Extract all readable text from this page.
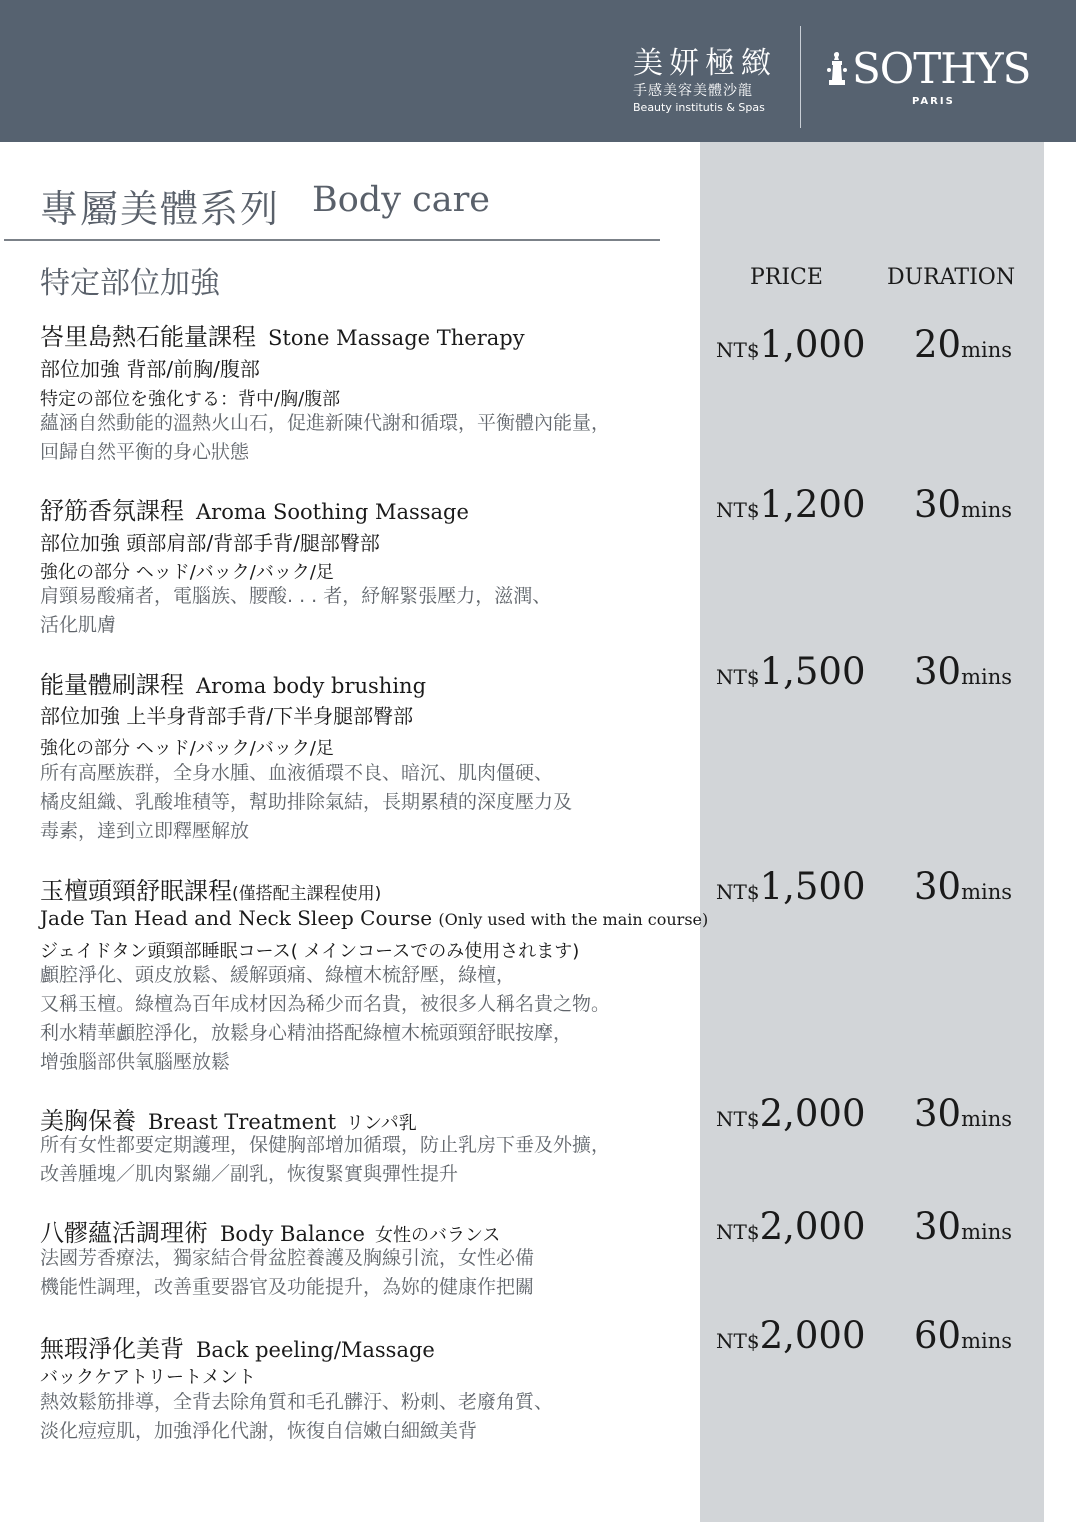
美妍極緻
手感美容美體沙龍
Beauty institutis & Spas
SOTHYS
PARIS
專屬美體系列 Body care
特定部位加強	PRICE	DURATION
峇里島熱石能量課程 Stone Massage Therapy
部位加強 背部/前胸/腹部
特定の部位を強化する：背中/胸/腹部
蘊涵自然動能的溫熱火山石，促進新陳代謝和循環，平衡體內能量，
回歸自然平衡的身心狀態
NT$1,000 20mins
舒筋香氛課程 Aroma Soothing Massage
部位加強 頭部肩部/背部手背/腿部臀部
強化の部分 ヘッド/バック/バック/足
肩頸易酸痛者，電腦族、腰酸. . . 者，紓解緊張壓力，滋潤、
活化肌膚
NT$1,200 30mins
能量體刷課程 Aroma body brushing
部位加強 上半身背部手背/下半身腿部臀部
強化の部分 ヘッド/バック/バック/足
所有高壓族群，全身水腫、血液循環不良、暗沉、肌肉僵硬、
橘皮組織、乳酸堆積等，幫助排除氣結，長期累積的深度壓力及
毒素，達到立即釋壓解放
NT$1,500 30mins
玉檀頭頸舒眠課程(僅搭配主課程使用)
Jade Tan Head and Neck Sleep Course (Only used with the main course)
ジェイドタン頭頸部睡眠コース( メインコースでのみ使用されます)
顱腔淨化、頭皮放鬆、緩解頭痛、綠檀木梳舒壓，綠檀，
又稱玉檀。綠檀為百年成材因為稀少而名貴，被很多人稱名貴之物。
利水精華顱腔淨化，放鬆身心精油搭配綠檀木梳頭頸舒眠按摩，
增強腦部供氧腦壓放鬆
NT$1,500 30mins
美胸保養 Breast Treatment リンパ乳
所有女性都要定期護理，保健胸部增加循環，防止乳房下垂及外擴，
改善腫塊／肌肉緊繃／副乳，恢復緊實與彈性提升
NT$2,000 30mins
八髎蘊活調理術 Body Balance 女性のバランス
法國芳香療法，獨家結合骨盆腔養護及胸線引流，女性必備
機能性調理，改善重要器官及功能提升，為妳的健康作把關
NT$2,000 30mins
無瑕淨化美背 Back peeling/Massage
バックケアトリートメント
熱效鬆筋排導，全背去除角質和毛孔髒汙、粉刺、老廢角質、
淡化痘痘肌，加強淨化代謝，恢復自信嫩白細緻美背
NT$2,000 60mins
